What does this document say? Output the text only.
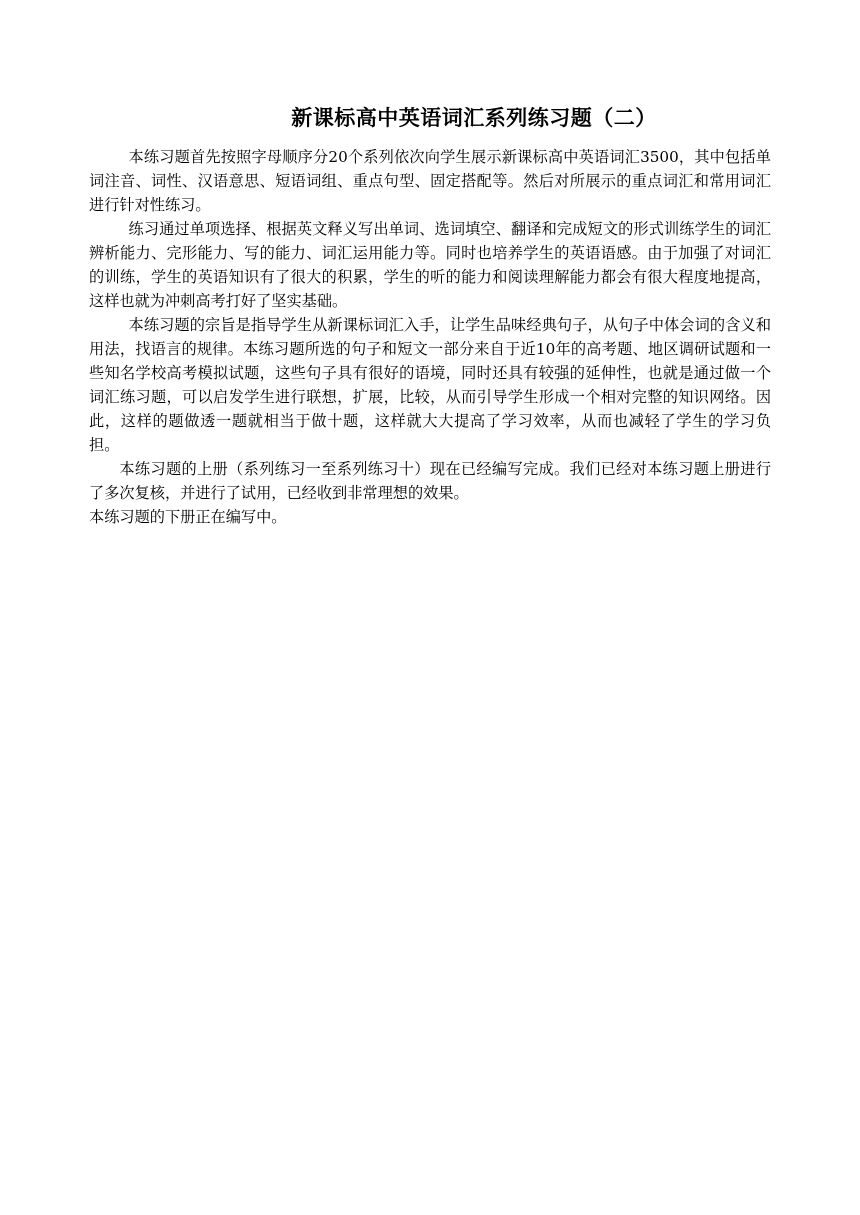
新课标高中英语词汇系列练习题（二）

本练习题首先按照字母顺序分20个系列依次向学生展示新课标高中英语词汇3500，其中包括单词注音、词性、汉语意思、短语词组、重点句型、固定搭配等。然后对所展示的重点词汇和常用词汇进行针对性练习。

练习通过单项选择、根据英文释义写出单词、选词填空、翻译和完成短文的形式训练学生的词汇辨析能力、完形能力、写的能力、词汇运用能力等。同时也培养学生的英语语感。由于加强了对词汇的训练，学生的英语知识有了很大的积累，学生的听的能力和阅读理解能力都会有很大程度地提高，这样也就为冲刺高考打好了坚实基础。

本练习题的宗旨是指导学生从新课标词汇入手，让学生品味经典句子，从句子中体会词的含义和用法，找语言的规律。本练习题所选的句子和短文一部分来自于近10年的高考题、地区调研试题和一些知名学校高考模拟试题，这些句子具有很好的语境，同时还具有较强的延伸性，也就是通过做一个词汇练习题，可以启发学生进行联想，扩展，比较，从而引导学生形成一个相对完整的知识网络。因此，这样的题做透一题就相当于做十题，这样就大大提高了学习效率，从而也减轻了学生的学习负担。

本练习题的上册（系列练习一至系列练习十）现在已经编写完成。我们已经对本练习题上册进行了多次复核，并进行了试用，已经收到非常理想的效果。

本练习题的下册正在编写中。
